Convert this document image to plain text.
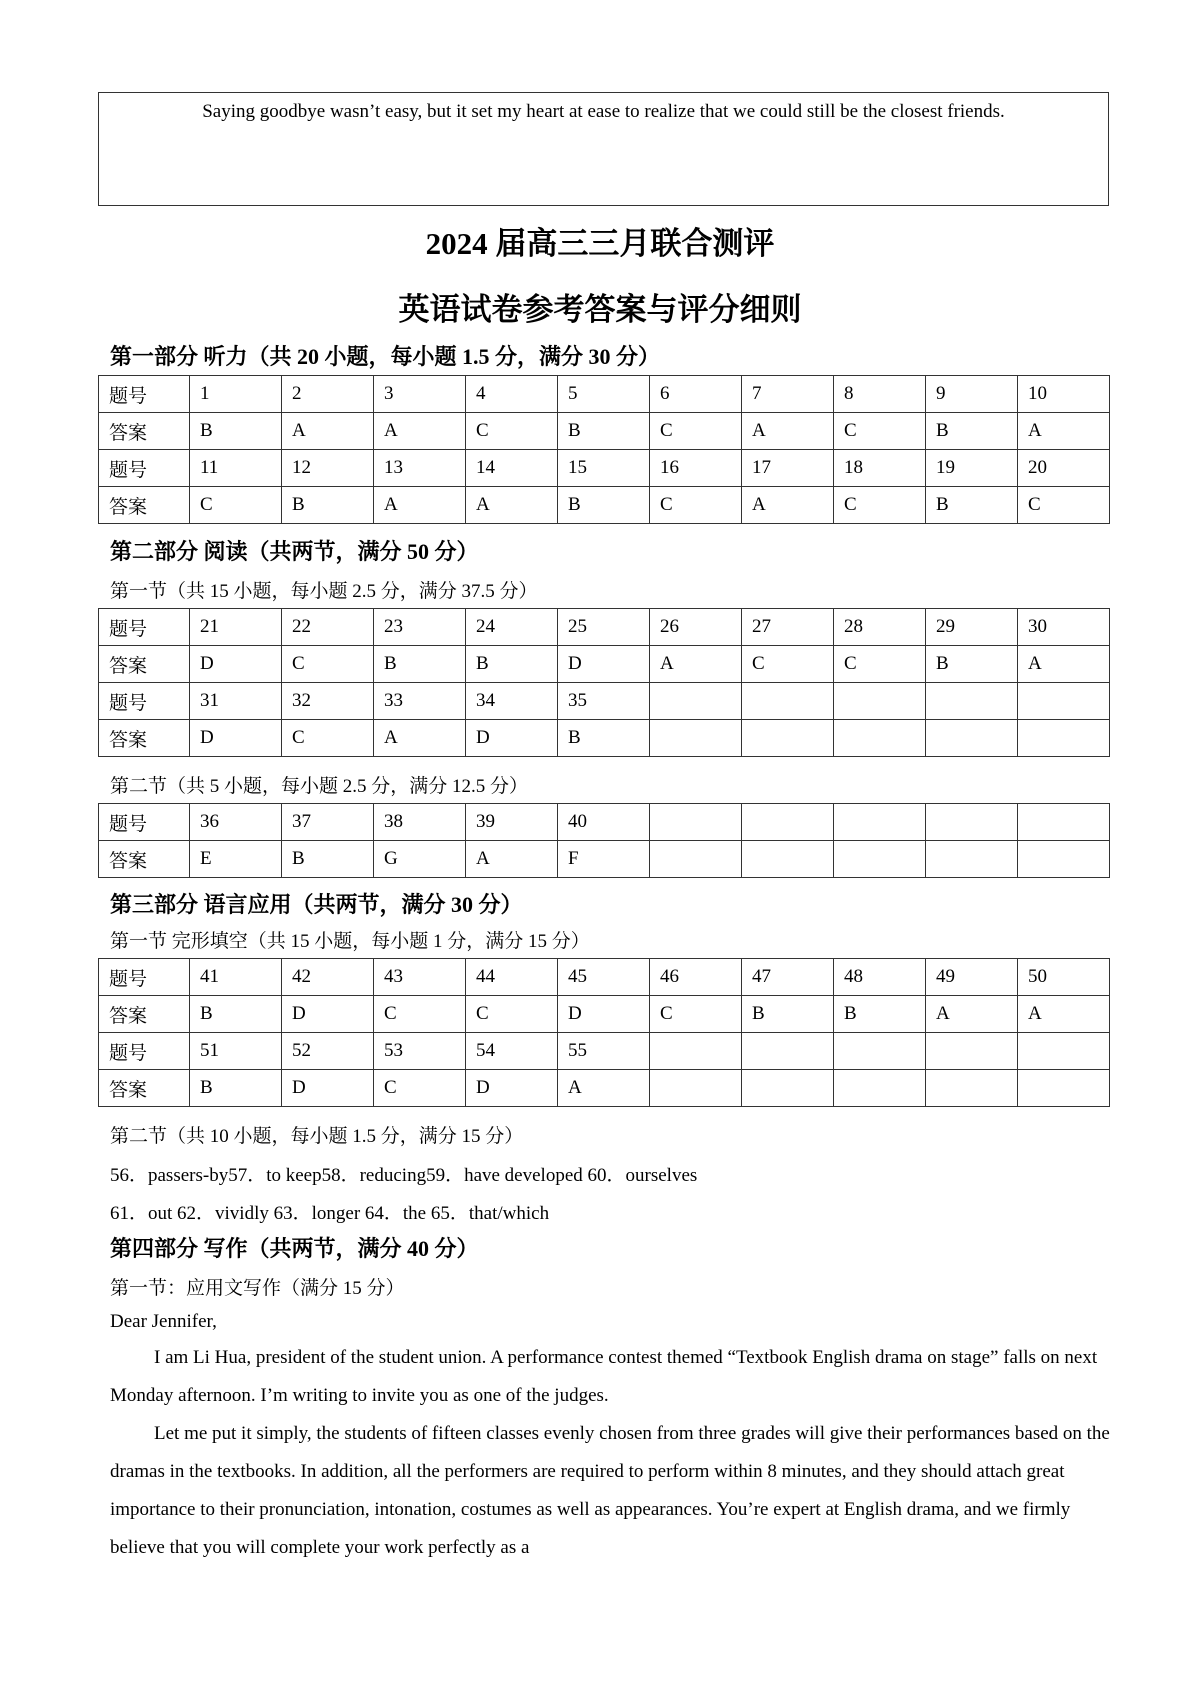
Saying goodbye wasn’t easy, but it set my heart at ease to realize that we could still be the closest friends.
2024 届高三三月联合测评
英语试卷参考答案与评分细则
第一部分 听力（共 20 小题，每小题 1.5 分，满分 30 分）
题号	1	2	3	4	5	6	7	8	9	10
答案	B	A	A	C	B	C	A	C	B	A
题号	11	12	13	14	15	16	17	18	19	20
答案	C	B	A	A	B	C	A	C	B	C
第二部分 阅读（共两节，满分 50 分）
第一节（共 15 小题，每小题 2.5 分，满分 37.5 分）
题号	21	22	23	24	25	26	27	28	29	30
答案	D	C	B	B	D	A	C	C	B	A
题号	31	32	33	34	35					
答案	D	C	A	D	B					
第二节（共 5 小题，每小题 2.5 分，满分 12.5 分）
题号	36	37	38	39	40					
答案	E	B	G	A	F					
第三部分 语言应用（共两节，满分 30 分）
第一节 完形填空（共 15 小题，每小题 1 分，满分 15 分）
题号	41	42	43	44	45	46	47	48	49	50
答案	B	D	C	C	D	C	B	B	A	A
题号	51	52	53	54	55					
答案	B	D	C	D	A					
第二节（共 10 小题，每小题 1.5 分，满分 15 分）
56．passers-by57．to keep58．reducing59．have developed 60．ourselves
61．out 62．vividly 63．longer 64．the 65．that/which
第四部分 写作（共两节，满分 40 分）
第一节：应用文写作（满分 15 分）
Dear Jennifer,
I am Li Hua, president of the student union. A performance contest themed “Textbook English drama on stage” falls on next Monday afternoon. I’m writing to invite you as one of the judges.
Let me put it simply, the students of fifteen classes evenly chosen from three grades will give their performances based on the dramas in the textbooks. In addition, all the performers are required to perform within 8 minutes, and they should attach great importance to their pronunciation, intonation, costumes as well as appearances. You’re expert at English drama, and we firmly believe that you will complete your work perfectly as a
